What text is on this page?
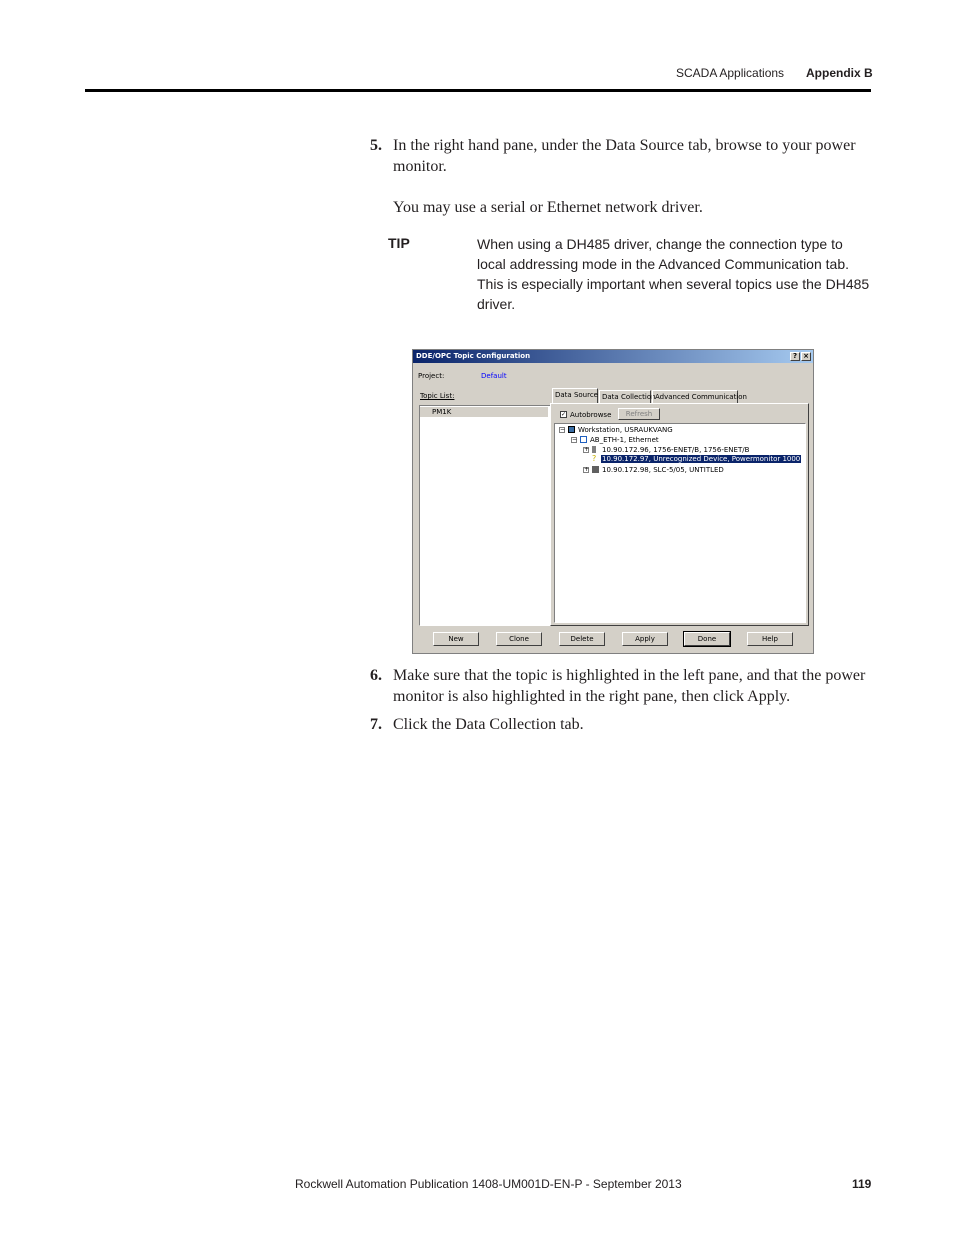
SCADA Applications Appendix B
5. In the right hand pane, under the Data Source tab, browse to your power monitor.
You may use a serial or Ethernet network driver.
TIP	When using a DH485 driver, change the connection type to local addressing mode in the Advanced Communication tab. This is especially important when several topics use the DH485 driver.
DDE/OPC Topic Configuration	? ×
Project:	Default
Topic List:
PM1K
Data Source Data Collection Advanced Communication
✓ Autobrowse	Refresh
− Workstation, USRAUKVANG
− AB_ETH-1, Ethernet
+ 10.90.172.96, 1756-ENET/B, 1756-ENET/B
? 10.90.172.97, Unrecognized Device, Powermonitor 1000
+ 10.90.172.98, SLC-5/05, UNTITLED
New	Clone	Delete	Apply	Done	Help
6. Make sure that the topic is highlighted in the left pane, and that the power monitor is also highlighted in the right pane, then click Apply.
7. Click the Data Collection tab.
Rockwell Automation Publication 1408-UM001D-EN-P - September 2013	119
